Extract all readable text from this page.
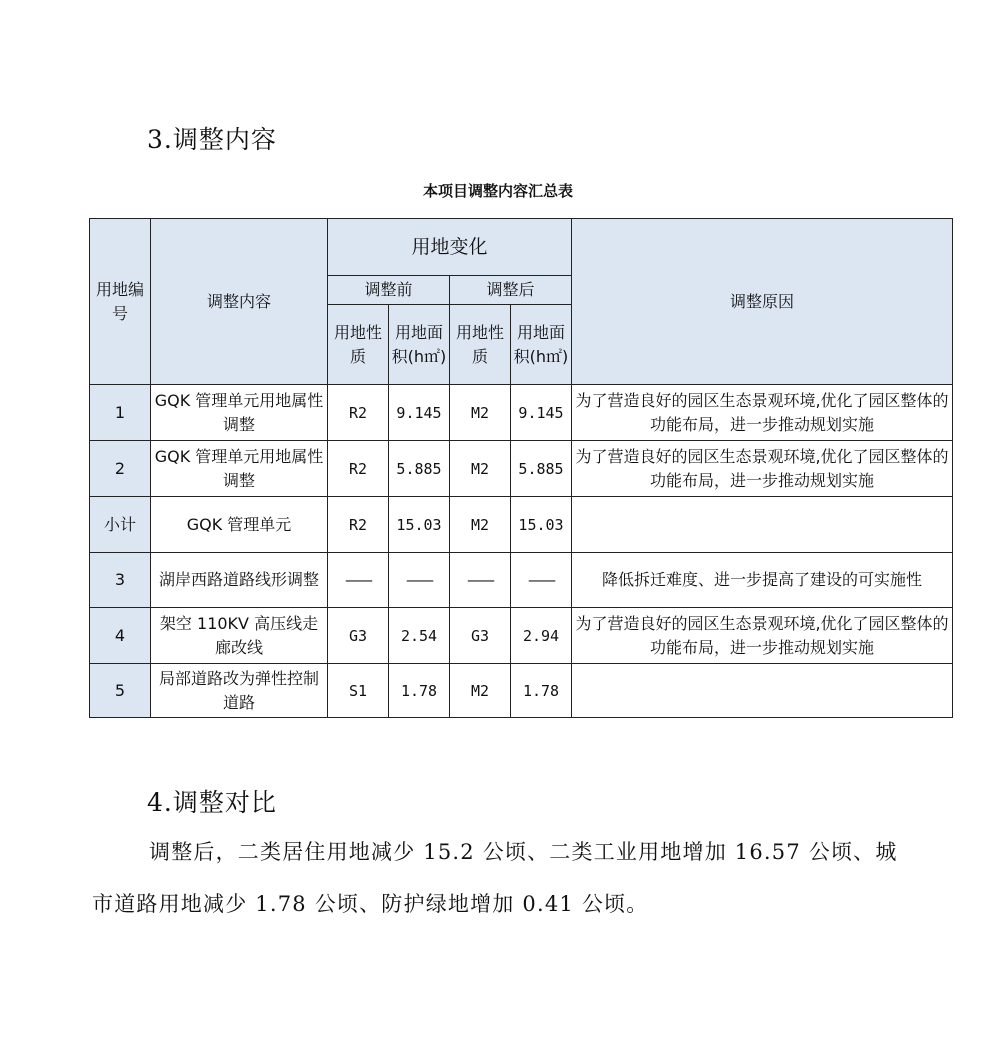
3.调整内容
本项目调整内容汇总表
用地编号	调整内容	用地变化				调整原因
		调整前		调整后		
		用地性质	用地面积(h㎡)	用地性质	用地面积(h㎡)	
1	GQK 管理单元用地属性调整	R2	9.145	M2	9.145	为了营造良好的园区生态景观环境,优化了园区整体的功能布局，进一步推动规划实施
2	GQK 管理单元用地属性调整	R2	5.885	M2	5.885	为了营造良好的园区生态景观环境,优化了园区整体的功能布局，进一步推动规划实施
小计	GQK 管理单元	R2	15.03	M2	15.03	
3	湖岸西路道路线形调整	——	——	——	——	降低拆迁难度、进一步提高了建设的可实施性
4	架空 110KV 高压线走廊改线	G3	2.54	G3	2.94	为了营造良好的园区生态景观环境,优化了园区整体的功能布局，进一步推动规划实施
5	局部道路改为弹性控制道路	S1	1.78	M2	1.78	
4.调整对比
调整后，二类居住用地减少 15.2 公顷、二类工业用地增加 16.57 公顷、城市道路用地减少 1.78 公顷、防护绿地增加 0.41 公顷。
